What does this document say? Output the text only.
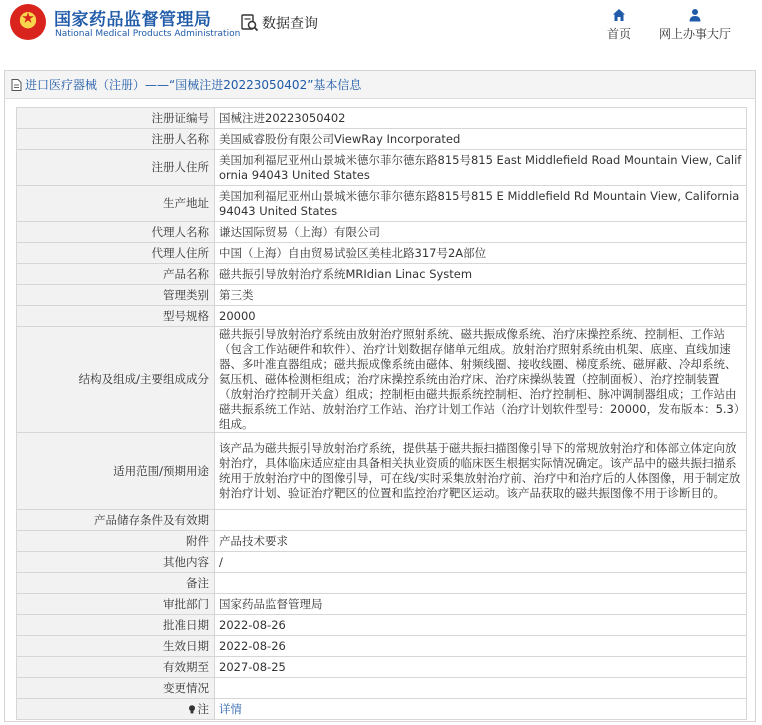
国家药品监督管理局
National Medical Products Administration
数据查询
首页	网上办事大厅
进口医疗器械（注册）——“国械注进20223050402”基本信息
注册证编号	国械注进20223050402
注册人名称	美国威睿股份有限公司ViewRay Incorporated
注册人住所	美国加利福尼亚州山景城米德尔菲尔德东路815号815 East Middlefield Road Mountain View, California 94043 United States
生产地址	美国加利福尼亚州山景城米德尔菲尔德东路815号815 E Middlefield Rd Mountain View, California 94043 United States
代理人名称	谦达国际贸易（上海）有限公司
代理人住所	中国（上海）自由贸易试验区美桂北路317号2A部位
产品名称	磁共振引导放射治疗系统MRIdian Linac System
管理类别	第三类
型号规格	20000
结构及组成/主要组成成分	磁共振引导放射治疗系统由放射治疗照射系统、磁共振成像系统、治疗床操控系统、控制柜、工作站（包含工作站硬件和软件）、治疗计划数据存储单元组成。放射治疗照射系统由机架、底座、直线加速器、多叶准直器组成；磁共振成像系统由磁体、射频线圈、接收线圈、梯度系统、磁屏蔽、冷却系统、氦压机、磁体检测柜组成；治疗床操控系统由治疗床、治疗床操纵装置（控制面板）、治疗控制装置（放射治疗控制开关盒）组成；控制柜由磁共振系统控制柜、治疗控制柜、脉冲调制器组成；工作站由磁共振系统工作站、放射治疗工作站、治疗计划工作站（治疗计划软件型号：20000，发布版本：5.3）组成。
适用范围/预期用途	该产品为磁共振引导放射治疗系统，提供基于磁共振扫描图像引导下的常规放射治疗和体部立体定向放射治疗，具体临床适应症由具备相关执业资质的临床医生根据实际情况确定。该产品中的磁共振扫描系统用于放射治疗中的图像引导，可在线/实时采集放射治疗前、治疗中和治疗后的人体图像，用于制定放射治疗计划、验证治疗靶区的位置和监控治疗靶区运动。该产品获取的磁共振图像不用于诊断目的。
产品储存条件及有效期	
附件	产品技术要求
其他内容	/
备注	
审批部门	国家药品监督管理局
批准日期	2022-08-26
生效日期	2022-08-26
有效期至	2027-08-25
变更情况	
注	详情
